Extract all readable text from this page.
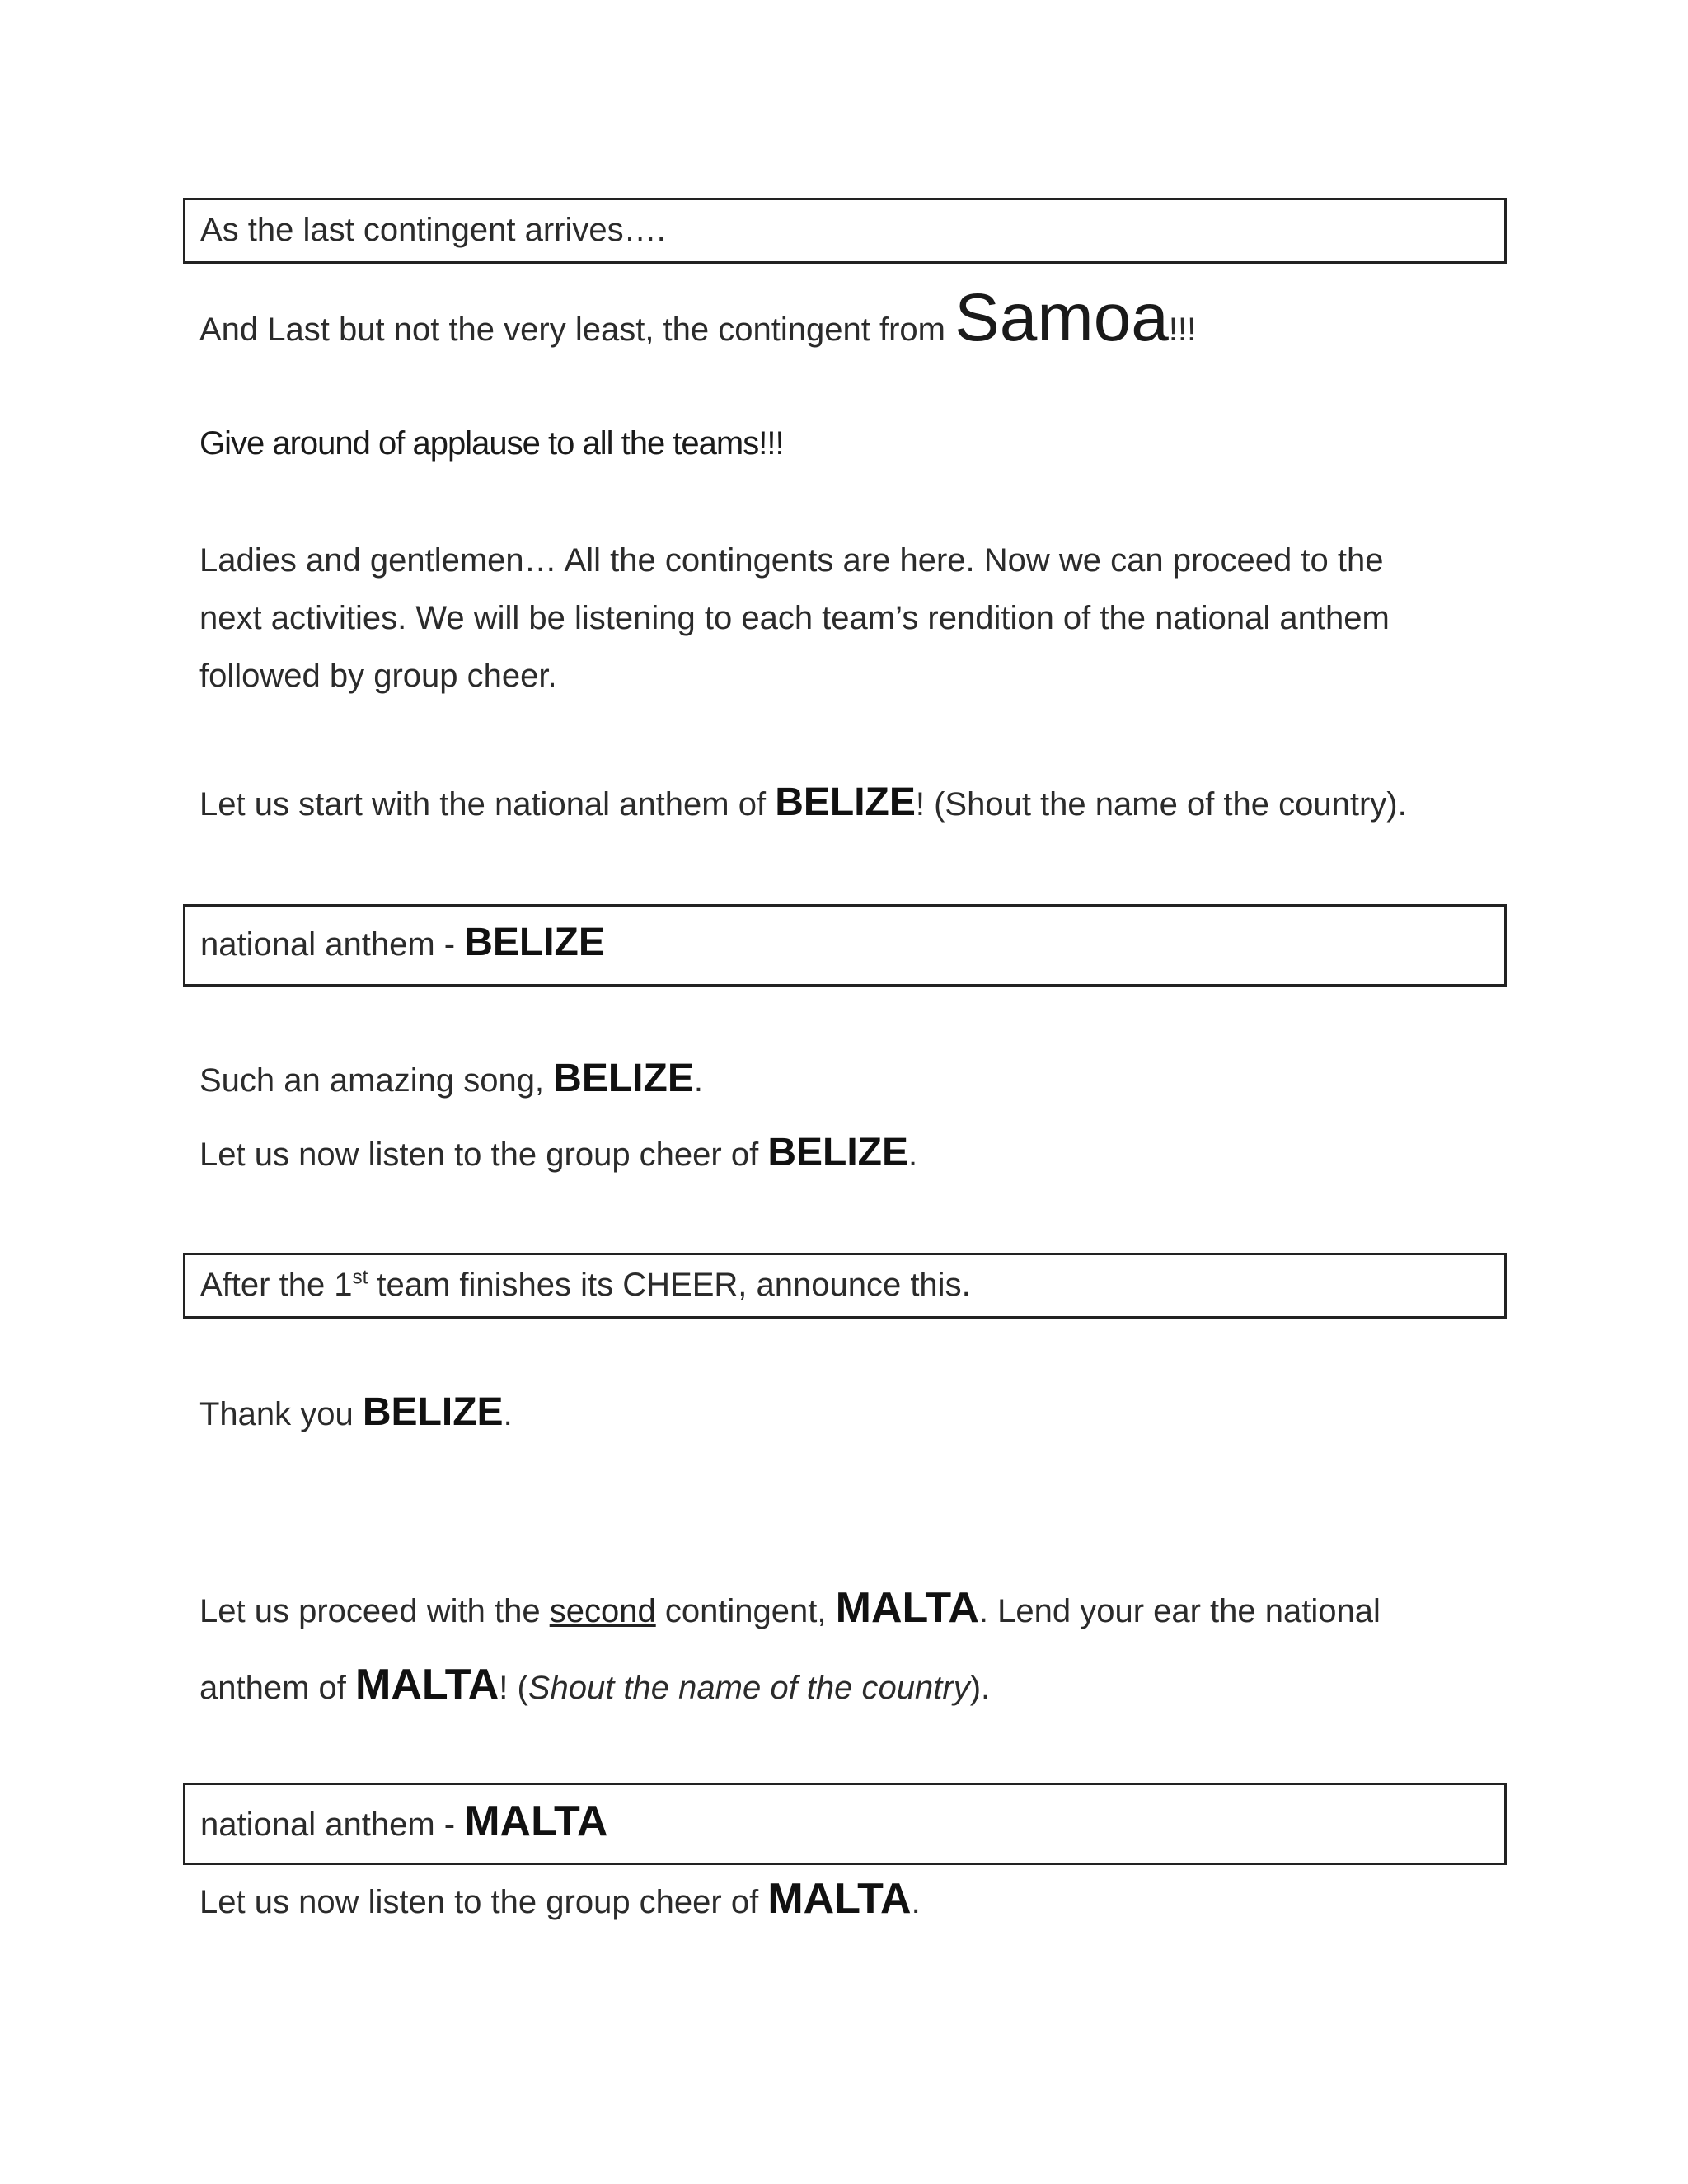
As the last contingent arrives….

And Last but not the very least, the contingent from Samoa!!!

Give around of applause to all the teams!!!

Ladies and gentlemen… All the contingents are here. Now we can proceed to the

next activities. We will be listening to each team’s rendition of the national anthem

followed by group cheer.

Let us start with the national anthem of BELIZE! (Shout the name of the country).

national anthem - BELIZE

Such an amazing song, BELIZE.

Let us now listen to the group cheer of BELIZE.

After the 1st team finishes its CHEER, announce this.

Thank you BELIZE.

Let us proceed with the second contingent, MALTA. Lend your ear the national

anthem of MALTA! (Shout the name of the country).

national anthem - MALTA

Let us now listen to the group cheer of MALTA.
